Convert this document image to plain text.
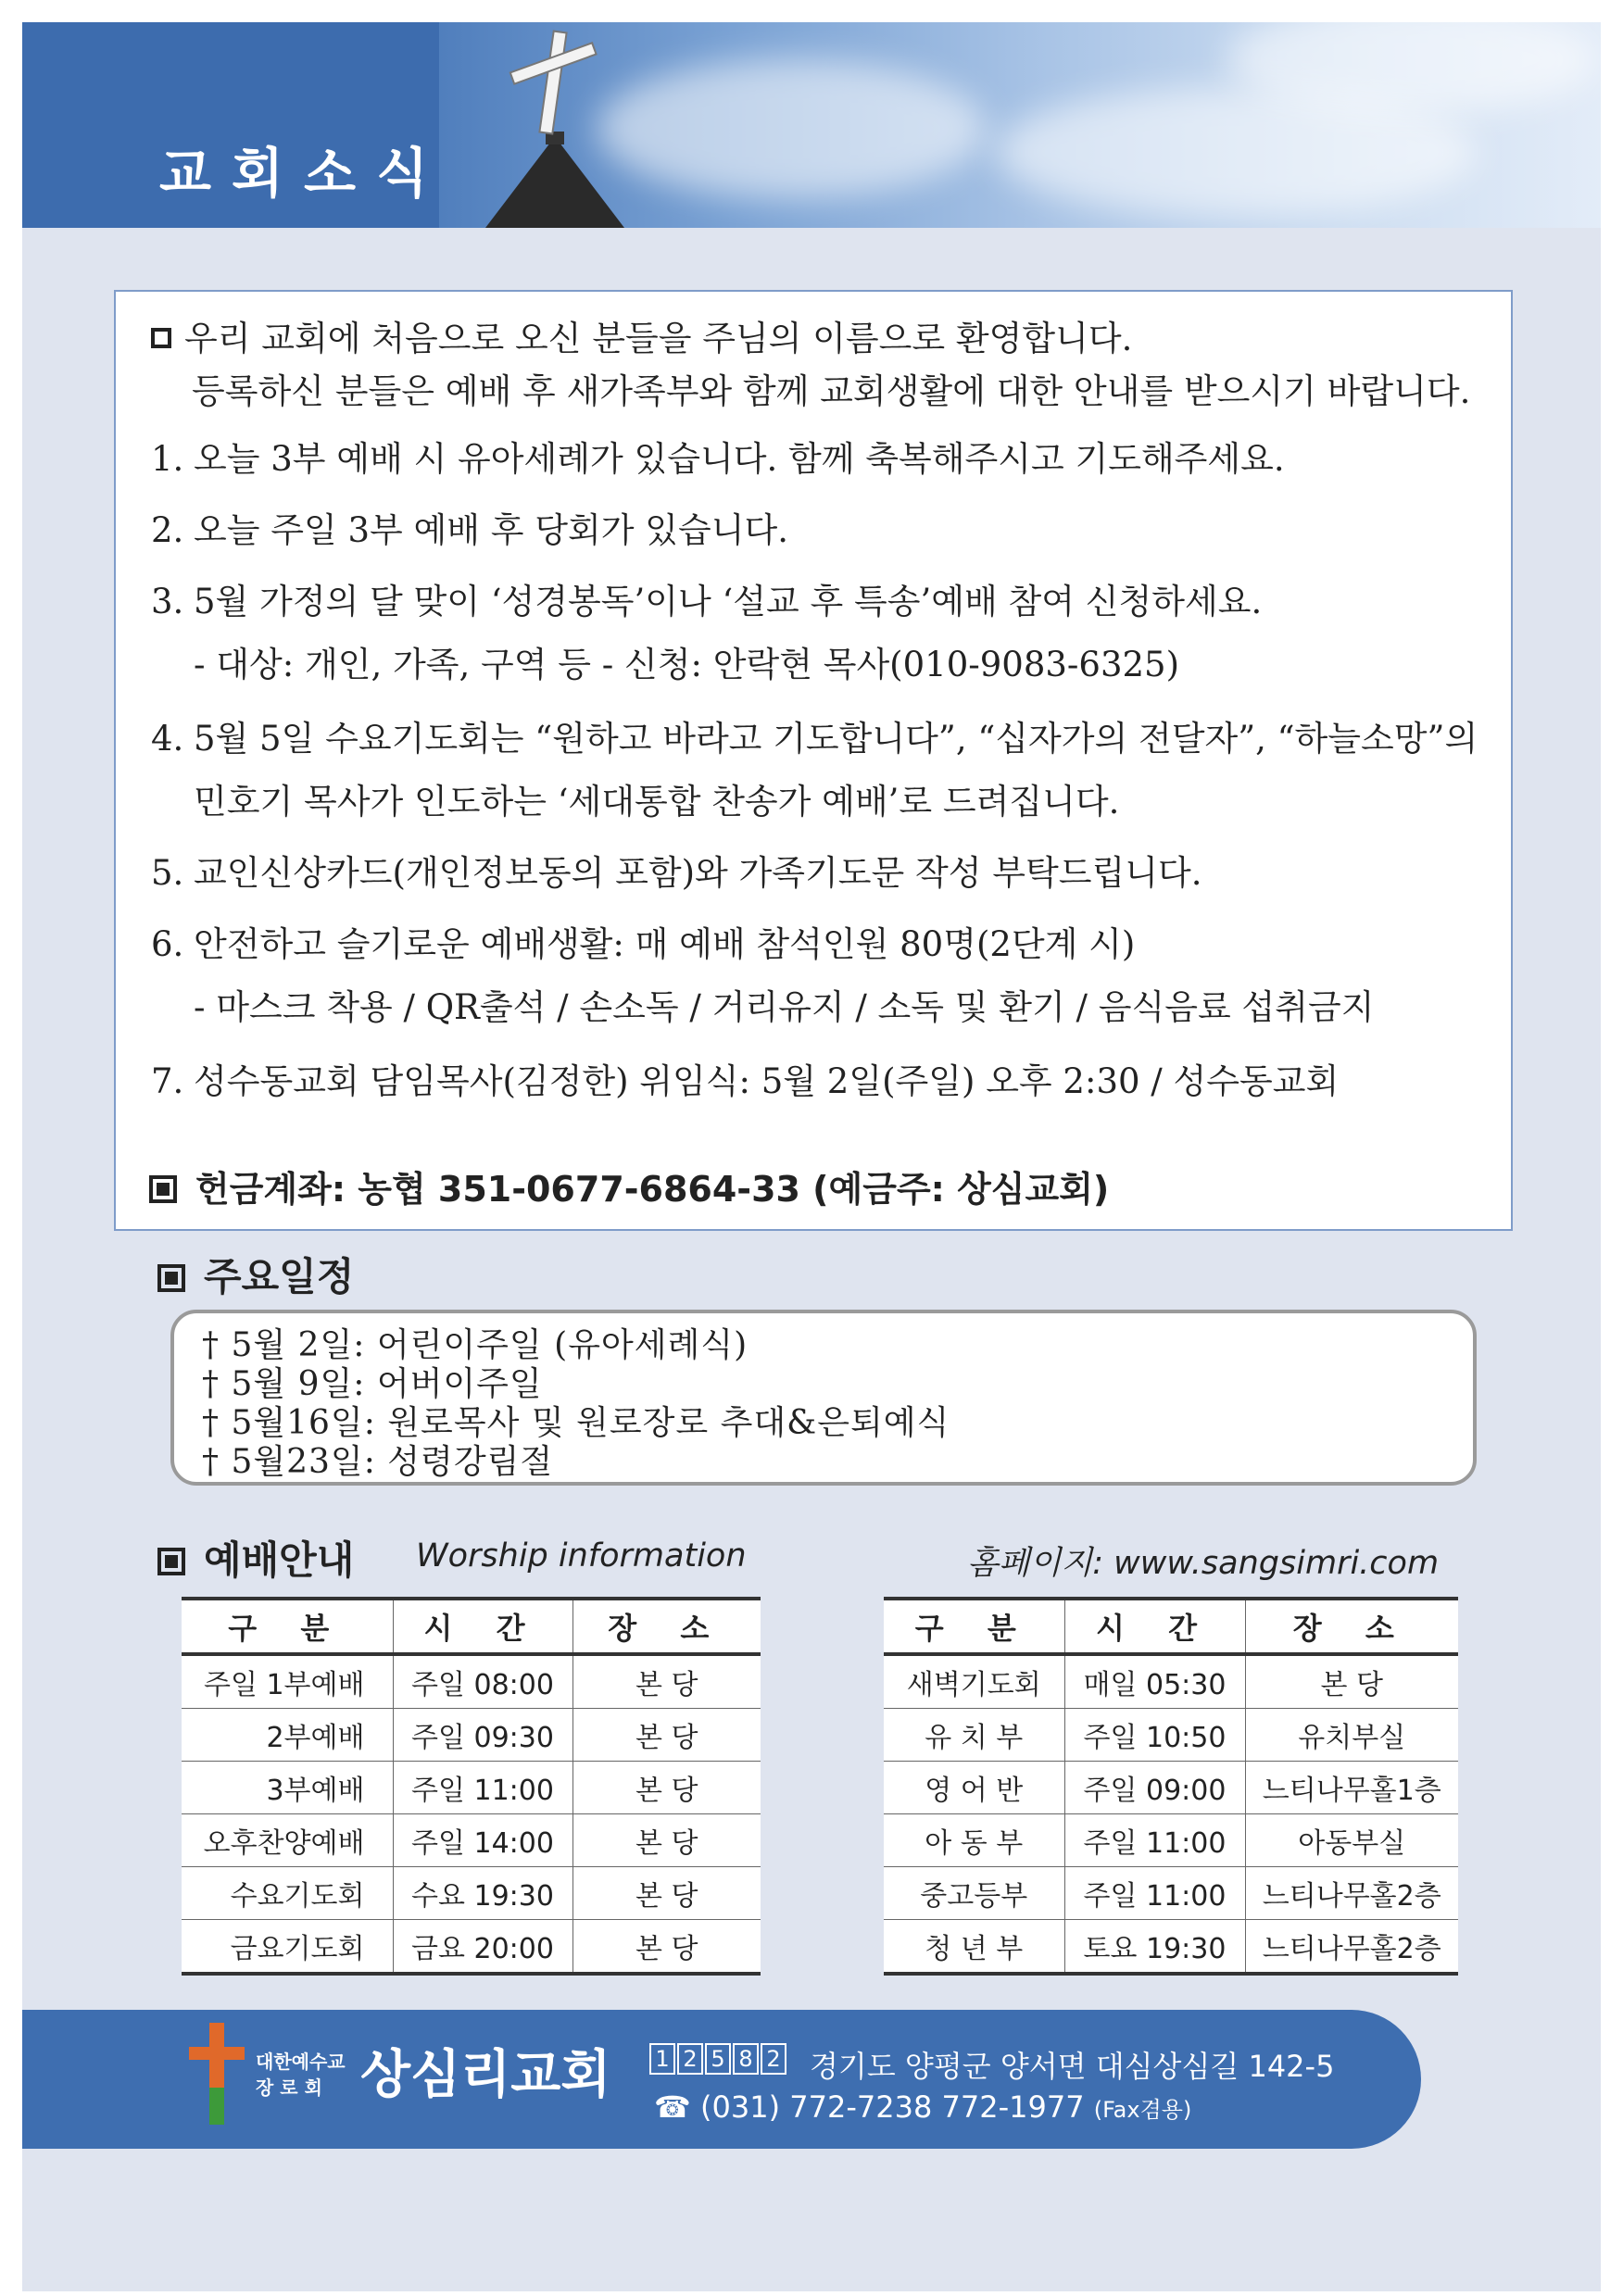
교회소식
우리 교회에 처음으로 오신 분들을 주님의 이름으로 환영합니다.
등록하신 분들은 예배 후 새가족부와 함께 교회생활에 대한 안내를 받으시기 바랍니다.
1. 오늘 3부 예배 시 유아세례가 있습니다. 함께 축복해주시고 기도해주세요.
2. 오늘 주일 3부 예배 후 당회가 있습니다.
3. 5월 가정의 달 맞이 ‘성경봉독’이나 ‘설교 후 특송’예배 참여 신청하세요.
- 대상: 개인, 가족, 구역 등 - 신청: 안락현 목사(010-9083-6325)
4. 5월 5일 수요기도회는 “원하고 바라고 기도합니다”, “십자가의 전달자”, “하늘소망”의
민호기 목사가 인도하는 ‘세대통합 찬송가 예배’로 드려집니다.
5. 교인신상카드(개인정보동의 포함)와 가족기도문 작성 부탁드립니다.
6. 안전하고 슬기로운 예배생활: 매 예배 참석인원 80명(2단계 시)
- 마스크 착용 / QR출석 / 손소독 / 거리유지 / 소독 및 환기 / 음식음료 섭취금지
7. 성수동교회 담임목사(김정한) 위임식: 5월 2일(주일) 오후 2:30 / 성수동교회
헌금계좌: 농협 351-0677-6864-33 (예금주: 상심교회)
주요일정
† 5월 2일: 어린이주일 (유아세례식)
† 5월 9일: 어버이주일
† 5월16일: 원로목사 및 원로장로 추대&은퇴예식
† 5월23일: 성령강림절
예배안내 Worship information	홈페이지: www.sangsimri.com
구 분	시 간	장 소
주일 1부예배	주일 08:00	본 당
2부예배	주일 09:30	본 당
3부예배	주일 11:00	본 당
오후찬양예배	주일 14:00	본 당
수요기도회	수요 19:30	본 당
금요기도회	금요 20:00	본 당
구 분	시 간	장 소
새벽기도회	매일 05:30	본 당
유 치 부	주일 10:50	유치부실
영 어 반	주일 09:00	느티나무홀1층
아 동 부	주일 11:00	아동부실
중고등부	주일 11:00	느티나무홀2층
청 년 부	토요 19:30	느티나무홀2층
대한예수교
장 로 회 상심리교회 1 2 5 8 2 경기도 양평군 양서면 대심상심길 142-5
☎ (031) 772-7238 772-1977 (Fax겸용)
